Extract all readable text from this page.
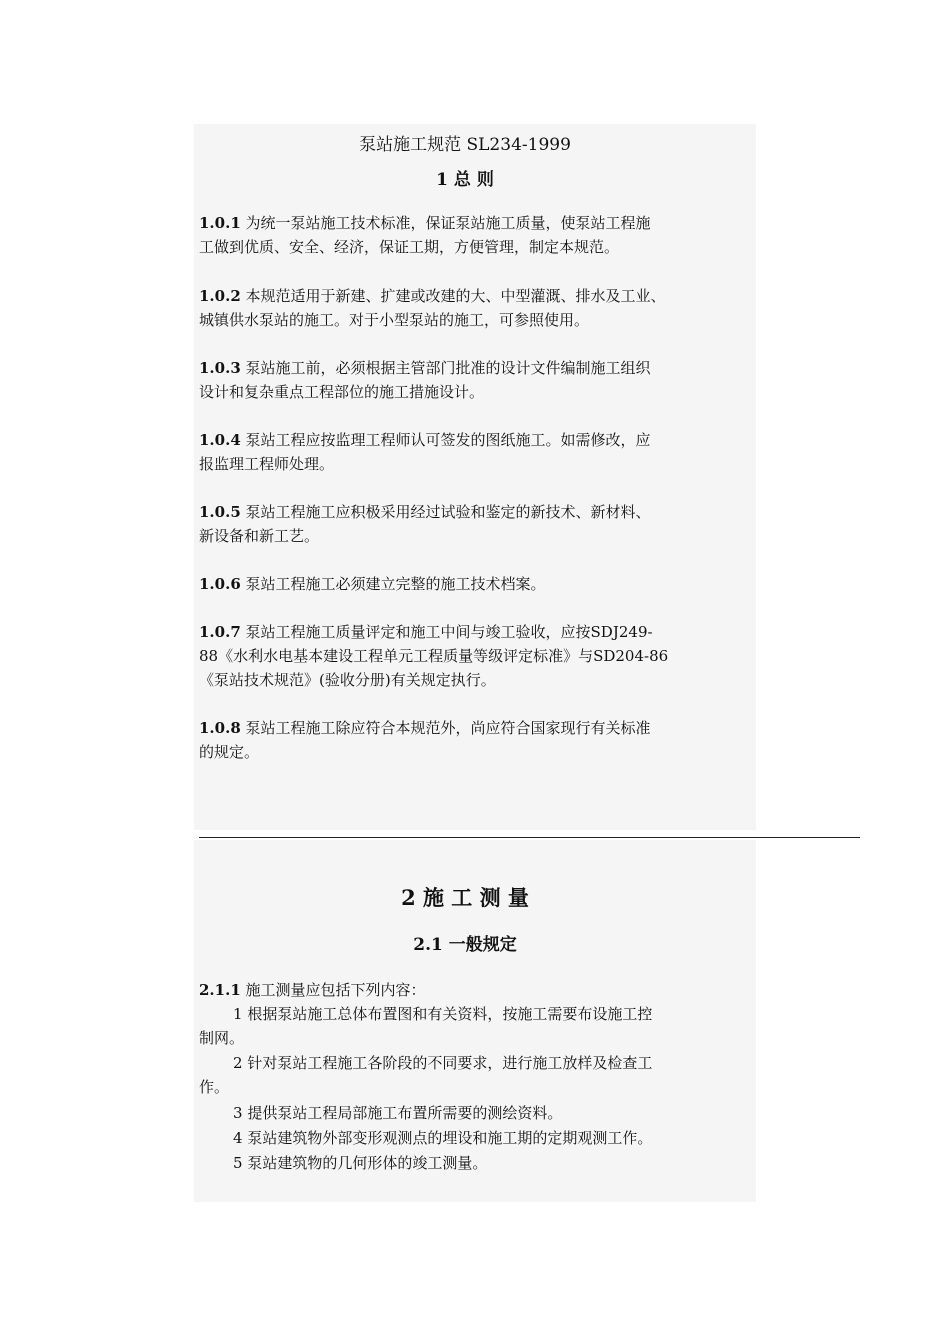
泵站施工规范 SL234-1999
1 总 则
1.0.1 为统一泵站施工技术标准，保证泵站施工质量，使泵站工程施
工做到优质、安全、经济，保证工期，方便管理，制定本规范。
1.0.2 本规范适用于新建、扩建或改建的大、中型灌溉、排水及工业、
城镇供水泵站的施工。对于小型泵站的施工，可参照使用。
1.0.3 泵站施工前，必须根据主管部门批准的设计文件编制施工组织
设计和复杂重点工程部位的施工措施设计。
1.0.4 泵站工程应按监理工程师认可签发的图纸施工。如需修改，应
报监理工程师处理。
1.0.5 泵站工程施工应积极采用经过试验和鉴定的新技术、新材料、
新设备和新工艺。
1.0.6 泵站工程施工必须建立完整的施工技术档案。
1.0.7 泵站工程施工质量评定和施工中间与竣工验收，应按SDJ249-
88《水利水电基本建设工程单元工程质量等级评定标准》与SD204-86
《泵站技术规范》(验收分册)有关规定执行。
1.0.8 泵站工程施工除应符合本规范外，尚应符合国家现行有关标准
的规定。
2 施 工 测 量
2.1 一般规定
2.1.1 施工测量应包括下列内容：
1 根据泵站施工总体布置图和有关资料，按施工需要布设施工控
制网。
2 针对泵站工程施工各阶段的不同要求，进行施工放样及检查工
作。
3 提供泵站工程局部施工布置所需要的测绘资料。
4 泵站建筑物外部变形观测点的埋设和施工期的定期观测工作。
5 泵站建筑物的几何形体的竣工测量。
